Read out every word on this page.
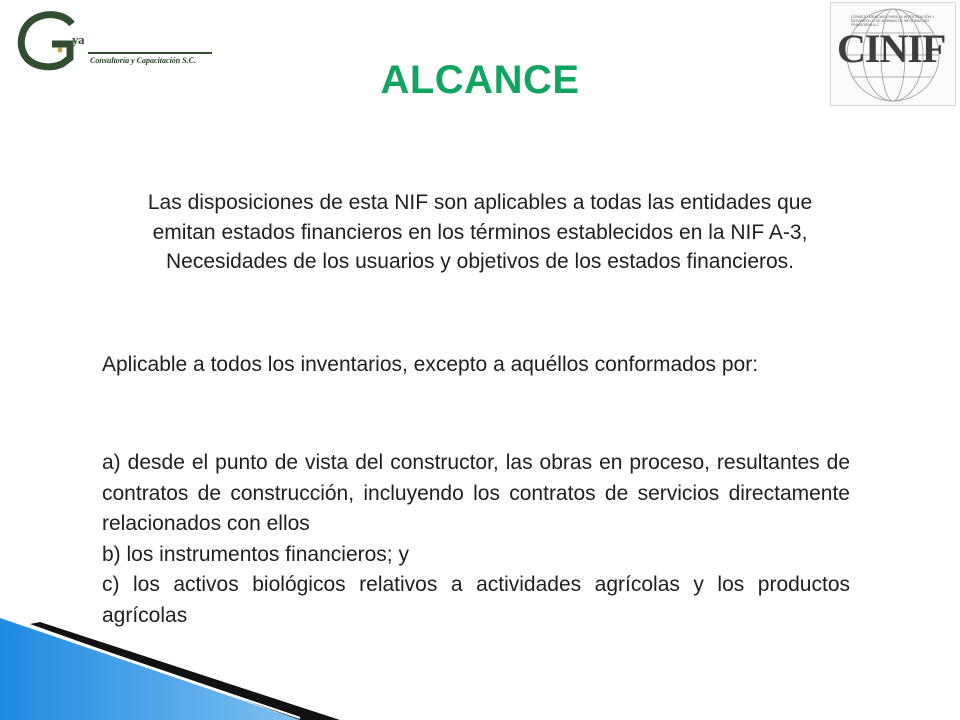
ya
Consultoría y Capacitación S.C.
CONSEJO MEXICANO PARA LA INVESTIGACIÓN Y DESARROLLO DE NORMAS DE INFORMACIÓN FINANCIERA A.C.
CINIF
ALCANCE
Las disposiciones de esta NIF son aplicables a todas las entidades que emitan estados financieros en los términos establecidos en la NIF A-3, Necesidades de los usuarios y objetivos de los estados financieros.
Aplicable a todos los inventarios, excepto a aquéllos conformados por:
a) desde el punto de vista del constructor, las obras en proceso, resultantes de contratos de construcción, incluyendo los contratos de servicios directamente relacionados con ellos
b) los instrumentos financieros; y
c) los activos biológicos relativos a actividades agrícolas y los productos agrícolas
